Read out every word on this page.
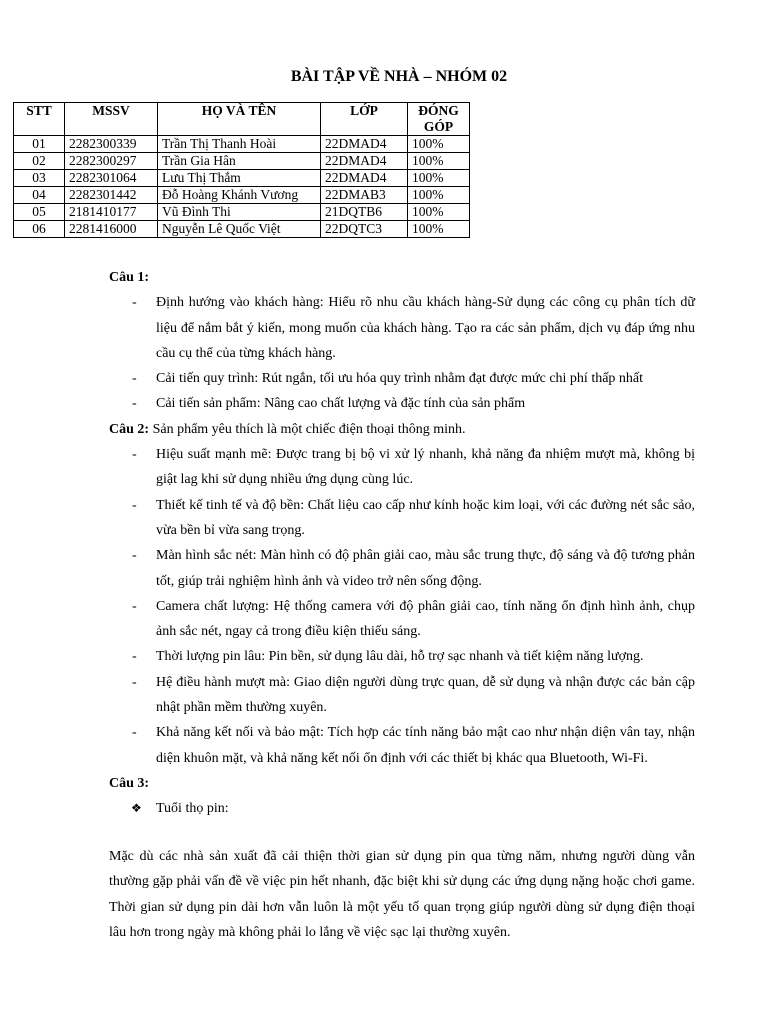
BÀI TẬP VỀ NHÀ – NHÓM 02
STT	MSSV	HỌ VÀ TÊN	LỚP	ĐÓNG GÓP
01	2282300339	Trần Thị Thanh Hoài	22DMAD4	100%
02	2282300297	Trần Gia Hân	22DMAD4	100%
03	2282301064	Lưu Thị Thắm	22DMAD4	100%
04	2282301442	Đỗ Hoàng Khánh Vương	22DMAB3	100%
05	2181410177	Vũ Đình Thi	21DQTB6	100%
06	2281416000	Nguyễn Lê Quốc Việt	22DQTC3	100%
Câu 1:
- Định hướng vào khách hàng: Hiểu rõ nhu cầu khách hàng-Sử dụng các công cụ phân tích dữ liệu để nắm bắt ý kiến, mong muốn của khách hàng. Tạo ra các sản phẩm, dịch vụ đáp ứng nhu cầu cụ thể của từng khách hàng.
- Cải tiến quy trình: Rút ngắn, tối ưu hóa quy trình nhằm đạt được mức chi phí thấp nhất
- Cải tiến sản phẩm: Nâng cao chất lượng và đặc tính của sản phẩm
Câu 2: Sản phẩm yêu thích là một chiếc điện thoại thông minh.
- Hiệu suất mạnh mẽ: Được trang bị bộ vi xử lý nhanh, khả năng đa nhiệm mượt mà, không bị giật lag khi sử dụng nhiều ứng dụng cùng lúc.
- Thiết kế tinh tế và độ bền: Chất liệu cao cấp như kính hoặc kim loại, với các đường nét sắc sảo, vừa bền bỉ vừa sang trọng.
- Màn hình sắc nét: Màn hình có độ phân giải cao, màu sắc trung thực, độ sáng và độ tương phản tốt, giúp trải nghiệm hình ảnh và video trở nên sống động.
- Camera chất lượng: Hệ thống camera với độ phân giải cao, tính năng ổn định hình ảnh, chụp ảnh sắc nét, ngay cả trong điều kiện thiếu sáng.
- Thời lượng pin lâu: Pin bền, sử dụng lâu dài, hỗ trợ sạc nhanh và tiết kiệm năng lượng.
- Hệ điều hành mượt mà: Giao diện người dùng trực quan, dễ sử dụng và nhận được các bản cập nhật phần mềm thường xuyên.
- Khả năng kết nối và bảo mật: Tích hợp các tính năng bảo mật cao như nhận diện vân tay, nhận diện khuôn mặt, và khả năng kết nối ổn định với các thiết bị khác qua Bluetooth, Wi-Fi.
Câu 3:
❖ Tuổi thọ pin:
Mặc dù các nhà sản xuất đã cải thiện thời gian sử dụng pin qua từng năm, nhưng người dùng vẫn thường gặp phải vấn đề về việc pin hết nhanh, đặc biệt khi sử dụng các ứng dụng nặng hoặc chơi game. Thời gian sử dụng pin dài hơn vẫn luôn là một yếu tố quan trọng giúp người dùng sử dụng điện thoại lâu hơn trong ngày mà không phải lo lắng về việc sạc lại thường xuyên.
